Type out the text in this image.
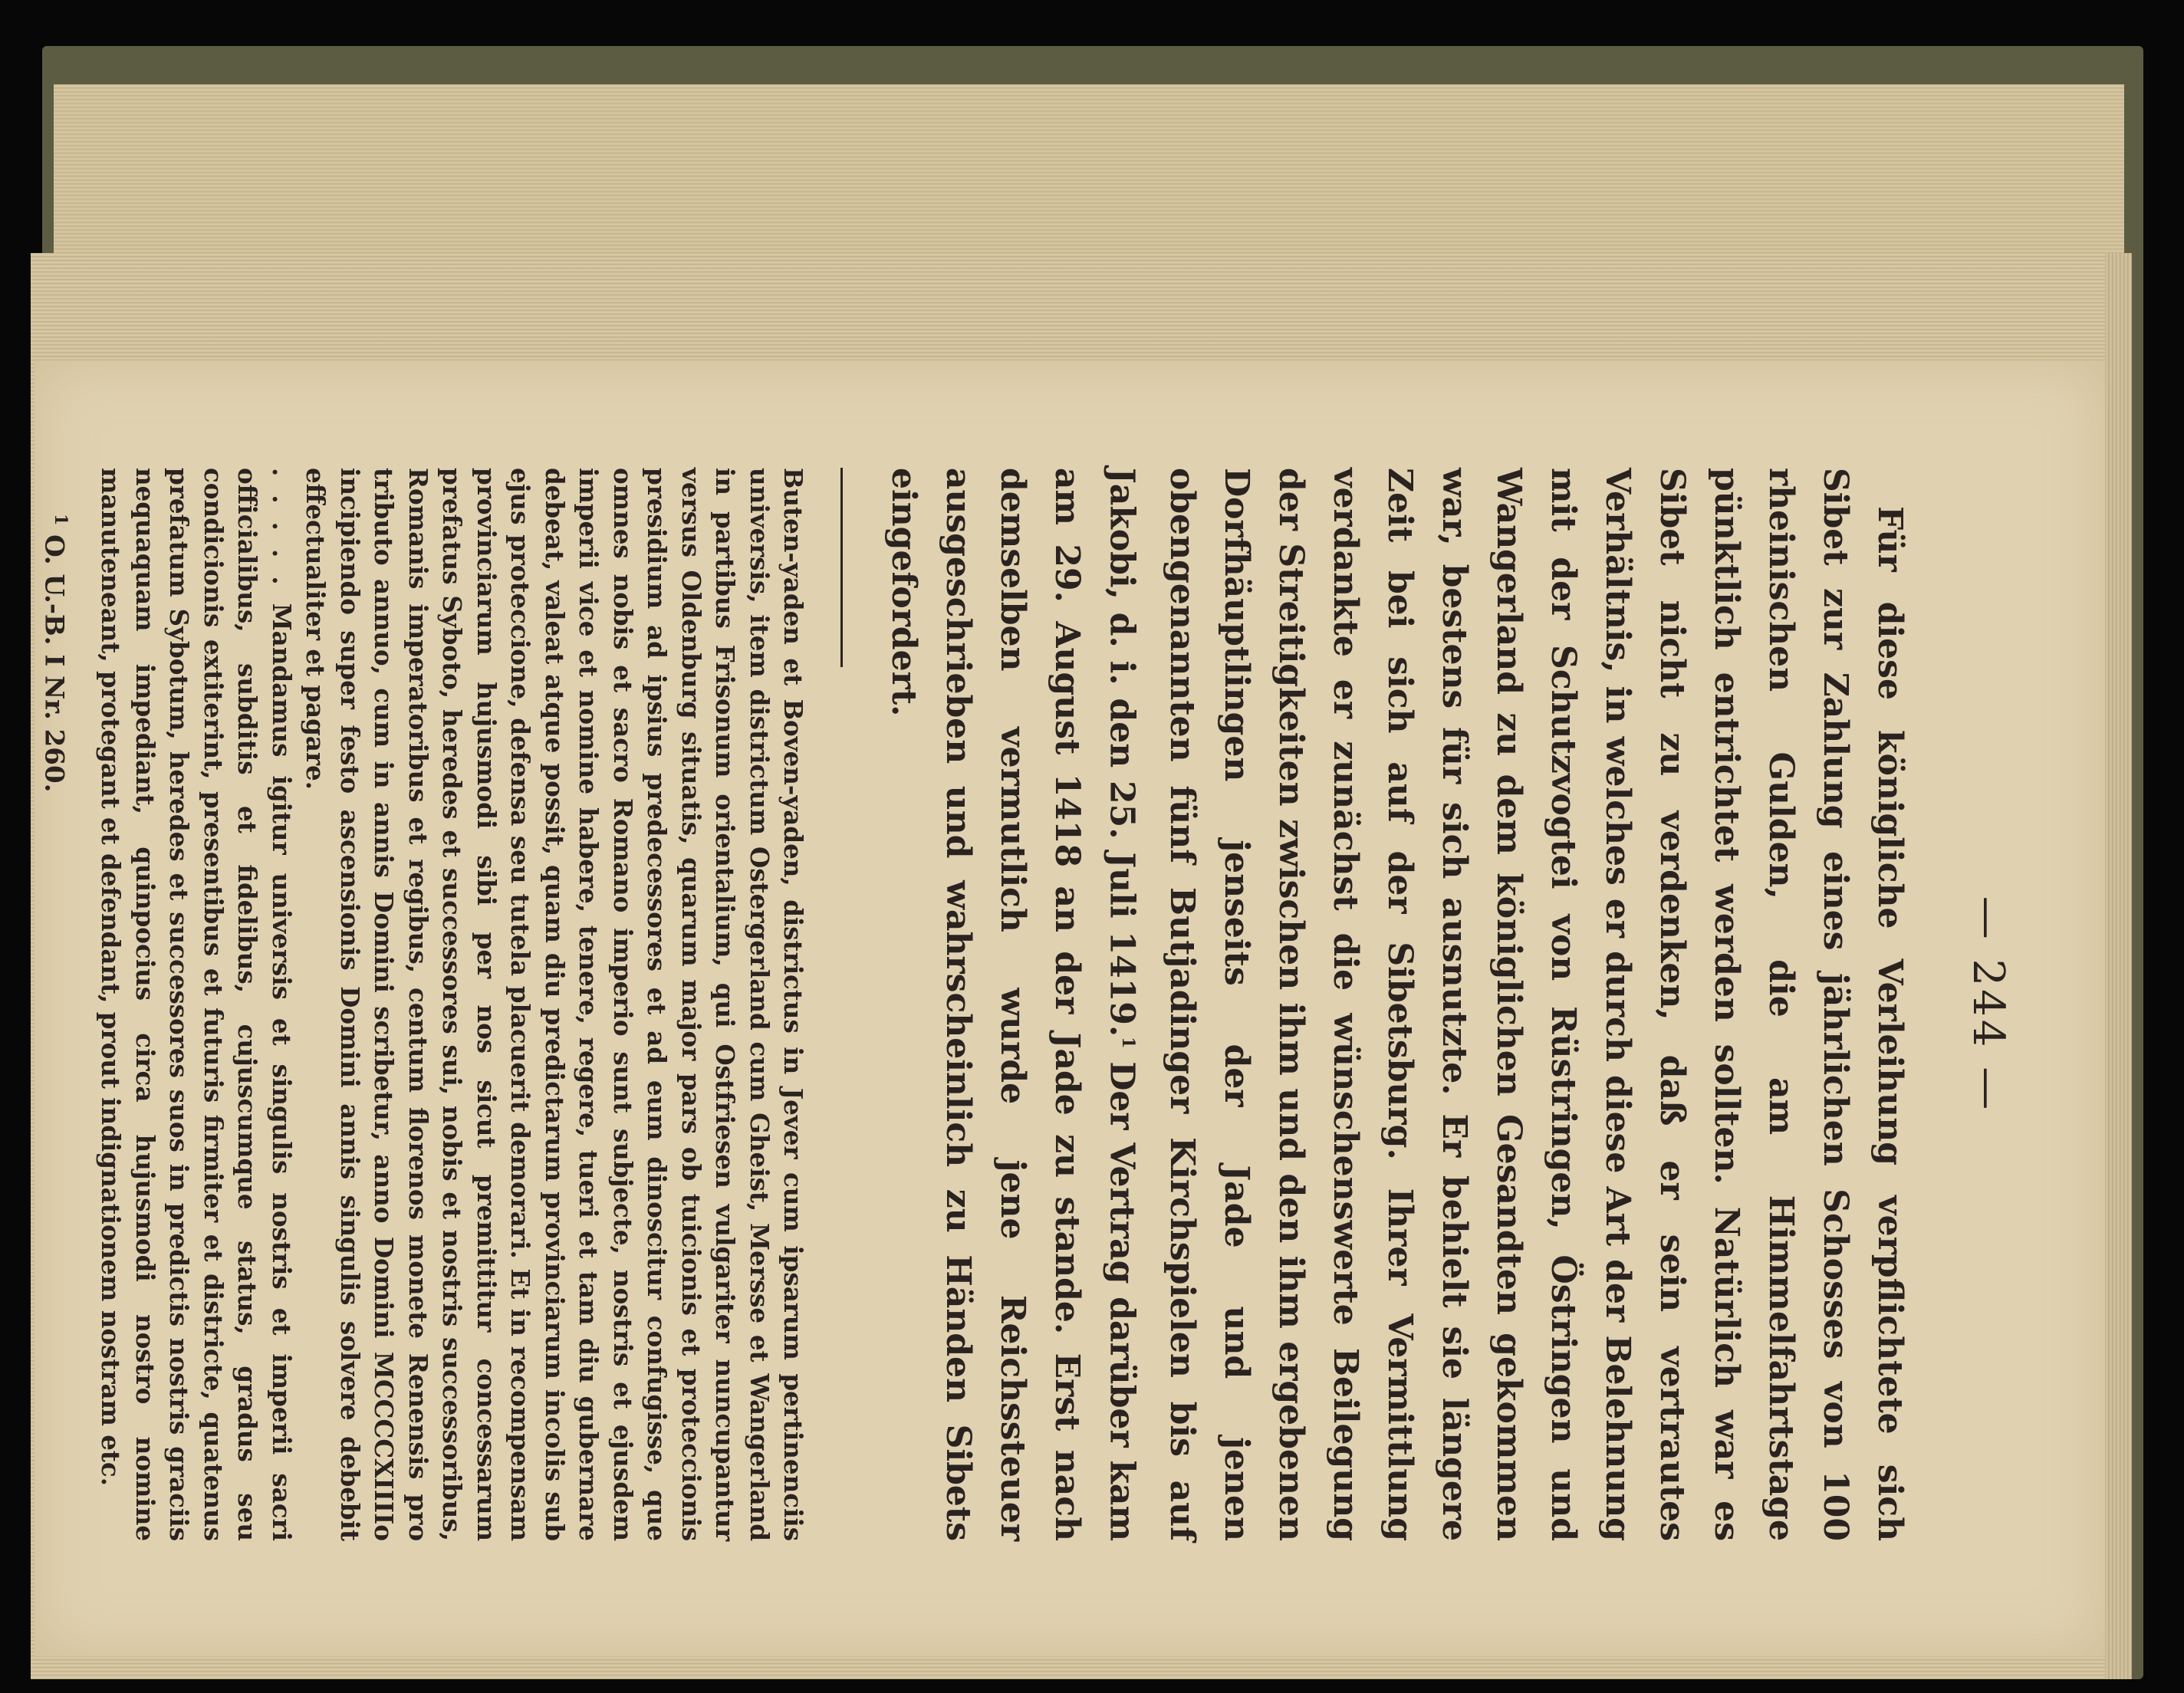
— 244 —
Für diese königliche Verleihung verpflichtete sich Sibet zur Zahlung eines jährlichen Schosses von 100 rheinischen Gulden, die am Himmelfahrtstage pünktlich entrichtet werden sollten. Natürlich war es Sibet nicht zu verdenken, daß er sein vertrautes Verhältnis, in welches er durch diese Art der Belehnung mit der Schutzvogtei von Rüstringen, Östringen und Wangerland zu dem königlichen Gesandten gekommen war, bestens für sich ausnutzte. Er behielt sie längere Zeit bei sich auf der Sibetsburg. Ihrer Vermittlung verdankte er zunächst die wünschenswerte Beilegung der Streitigkeiten zwischen ihm und den ihm ergebenen Dorfhäuptlingen jenseits der Jade und jenen obengenannten fünf Butjadinger Kirchspielen bis auf Jakobi, d. i. den 25. Juli 1419.$^1$ Der Vertrag darüber kam am 29. August 1418 an der Jade zu stande. Erst nach demselben vermutlich wurde jene Reichssteuer ausgeschrieben und wahrscheinlich zu Händen Sibets eingefordert.

Buten-yaden et Boven-yaden, districtus in Jever cum ipsarum pertinenciis universis, item districtum Ostergerland cum Gheist, Mersse et Wangerland in partibus Frisonum orientalium, qui Ostfriesen vulgariter nuncupantur versus Oldenburg situatis, quarum major pars ob tuicionis et proteccionis presidium ad ipsius predecessores et ad eum dinoscitur confugisse, que omnes nobis et sacro Romano imperio sunt subjecte, nostris et ejusdem imperii vice et nomine habere, tenere, regere, tueri et tam diu gubernare debeat, valeat atque possit, quam diu predictarum provinciarum incolis sub ejus proteccione, defensa seu tutela placuerit demorari. Et in recompensam provinciarum hujusmodi sibi per nos sicut premittitur concessarum prefatus Syboto, heredes et successores sui, nobis et nostris successoribus, Romanis imperatoribus et regibus, centum florenos monete Renensis pro tributo annuo, cum in annis Domini scribetur, anno Domini MCCCCXIIIIo incipiendo super festo ascensionis Domini annis singulis solvere debebit effectualiter et pagare.

. . . . . Mandamus igitur universis et singulis nostris et imperii sacri officialibus, subditis et fidelibus, cujuscumque status, gradus seu condicionis extiterint, presentibus et futuris firmiter et districte, quatenus prefatum Sybotum, heredes et successores suos in predictis nostris graciis nequaquam impediant, quinpocius circa hujusmodi nostro nomine manuteneant, protegant et defendant, prout indignationem nostram etc.

$^1$ O. U.-B. I Nr. 260.
